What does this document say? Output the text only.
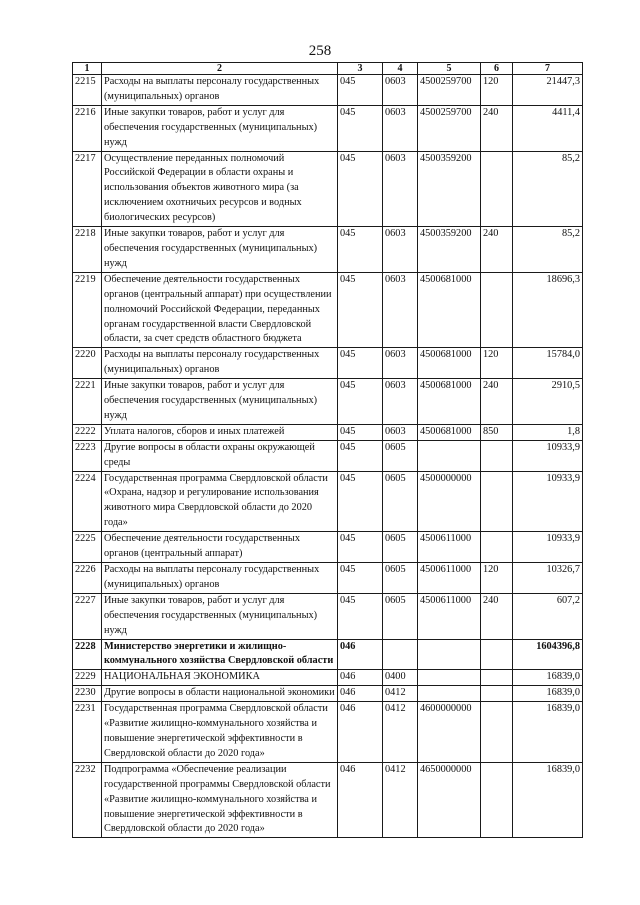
258
1	2	3	4	5	6	7
2215	Расходы на выплаты персоналу государственных (муниципальных) органов	045	0603	4500259700	120	21447,3
2216	Иные закупки товаров, работ и услуг для обеспечения государственных (муниципальных) нужд	045	0603	4500259700	240	4411,4
2217	Осуществление переданных полномочий Российской Федерации в области охраны и использования объектов животного мира (за исключением охотничьих ресурсов и водных биологических ресурсов)	045	0603	4500359200		85,2
2218	Иные закупки товаров, работ и услуг для обеспечения государственных (муниципальных) нужд	045	0603	4500359200	240	85,2
2219	Обеспечение деятельности государственных органов (центральный аппарат) при осуществлении полномочий Российской Федерации, переданных органам государственной власти Свердловской области, за счет средств областного бюджета	045	0603	4500681000		18696,3
2220	Расходы на выплаты персоналу государственных (муниципальных) органов	045	0603	4500681000	120	15784,0
2221	Иные закупки товаров, работ и услуг для обеспечения государственных (муниципальных) нужд	045	0603	4500681000	240	2910,5
2222	Уплата налогов, сборов и иных платежей	045	0603	4500681000	850	1,8
2223	Другие вопросы в области охраны окружающей среды	045	0605			10933,9
2224	Государственная программа Свердловской области «Охрана, надзор и регулирование использования животного мира Свердловской области до 2020 года»	045	0605	4500000000		10933,9
2225	Обеспечение деятельности государственных органов (центральный аппарат)	045	0605	4500611000		10933,9
2226	Расходы на выплаты персоналу государственных (муниципальных) органов	045	0605	4500611000	120	10326,7
2227	Иные закупки товаров, работ и услуг для обеспечения государственных (муниципальных) нужд	045	0605	4500611000	240	607,2
2228	Министерство энергетики и жилищно-коммунального хозяйства Свердловской области	046				1604396,8
2229	НАЦИОНАЛЬНАЯ ЭКОНОМИКА	046	0400			16839,0
2230	Другие вопросы в области национальной экономики	046	0412			16839,0
2231	Государственная программа Свердловской области «Развитие жилищно-коммунального хозяйства и повышение энергетической эффективности в Свердловской области до 2020 года»	046	0412	4600000000		16839,0
2232	Подпрограмма «Обеспечение реализации государственной программы Свердловской области «Развитие жилищно-коммунального хозяйства и повышение энергетической эффективности в Свердловской области до 2020 года»	046	0412	4650000000		16839,0
